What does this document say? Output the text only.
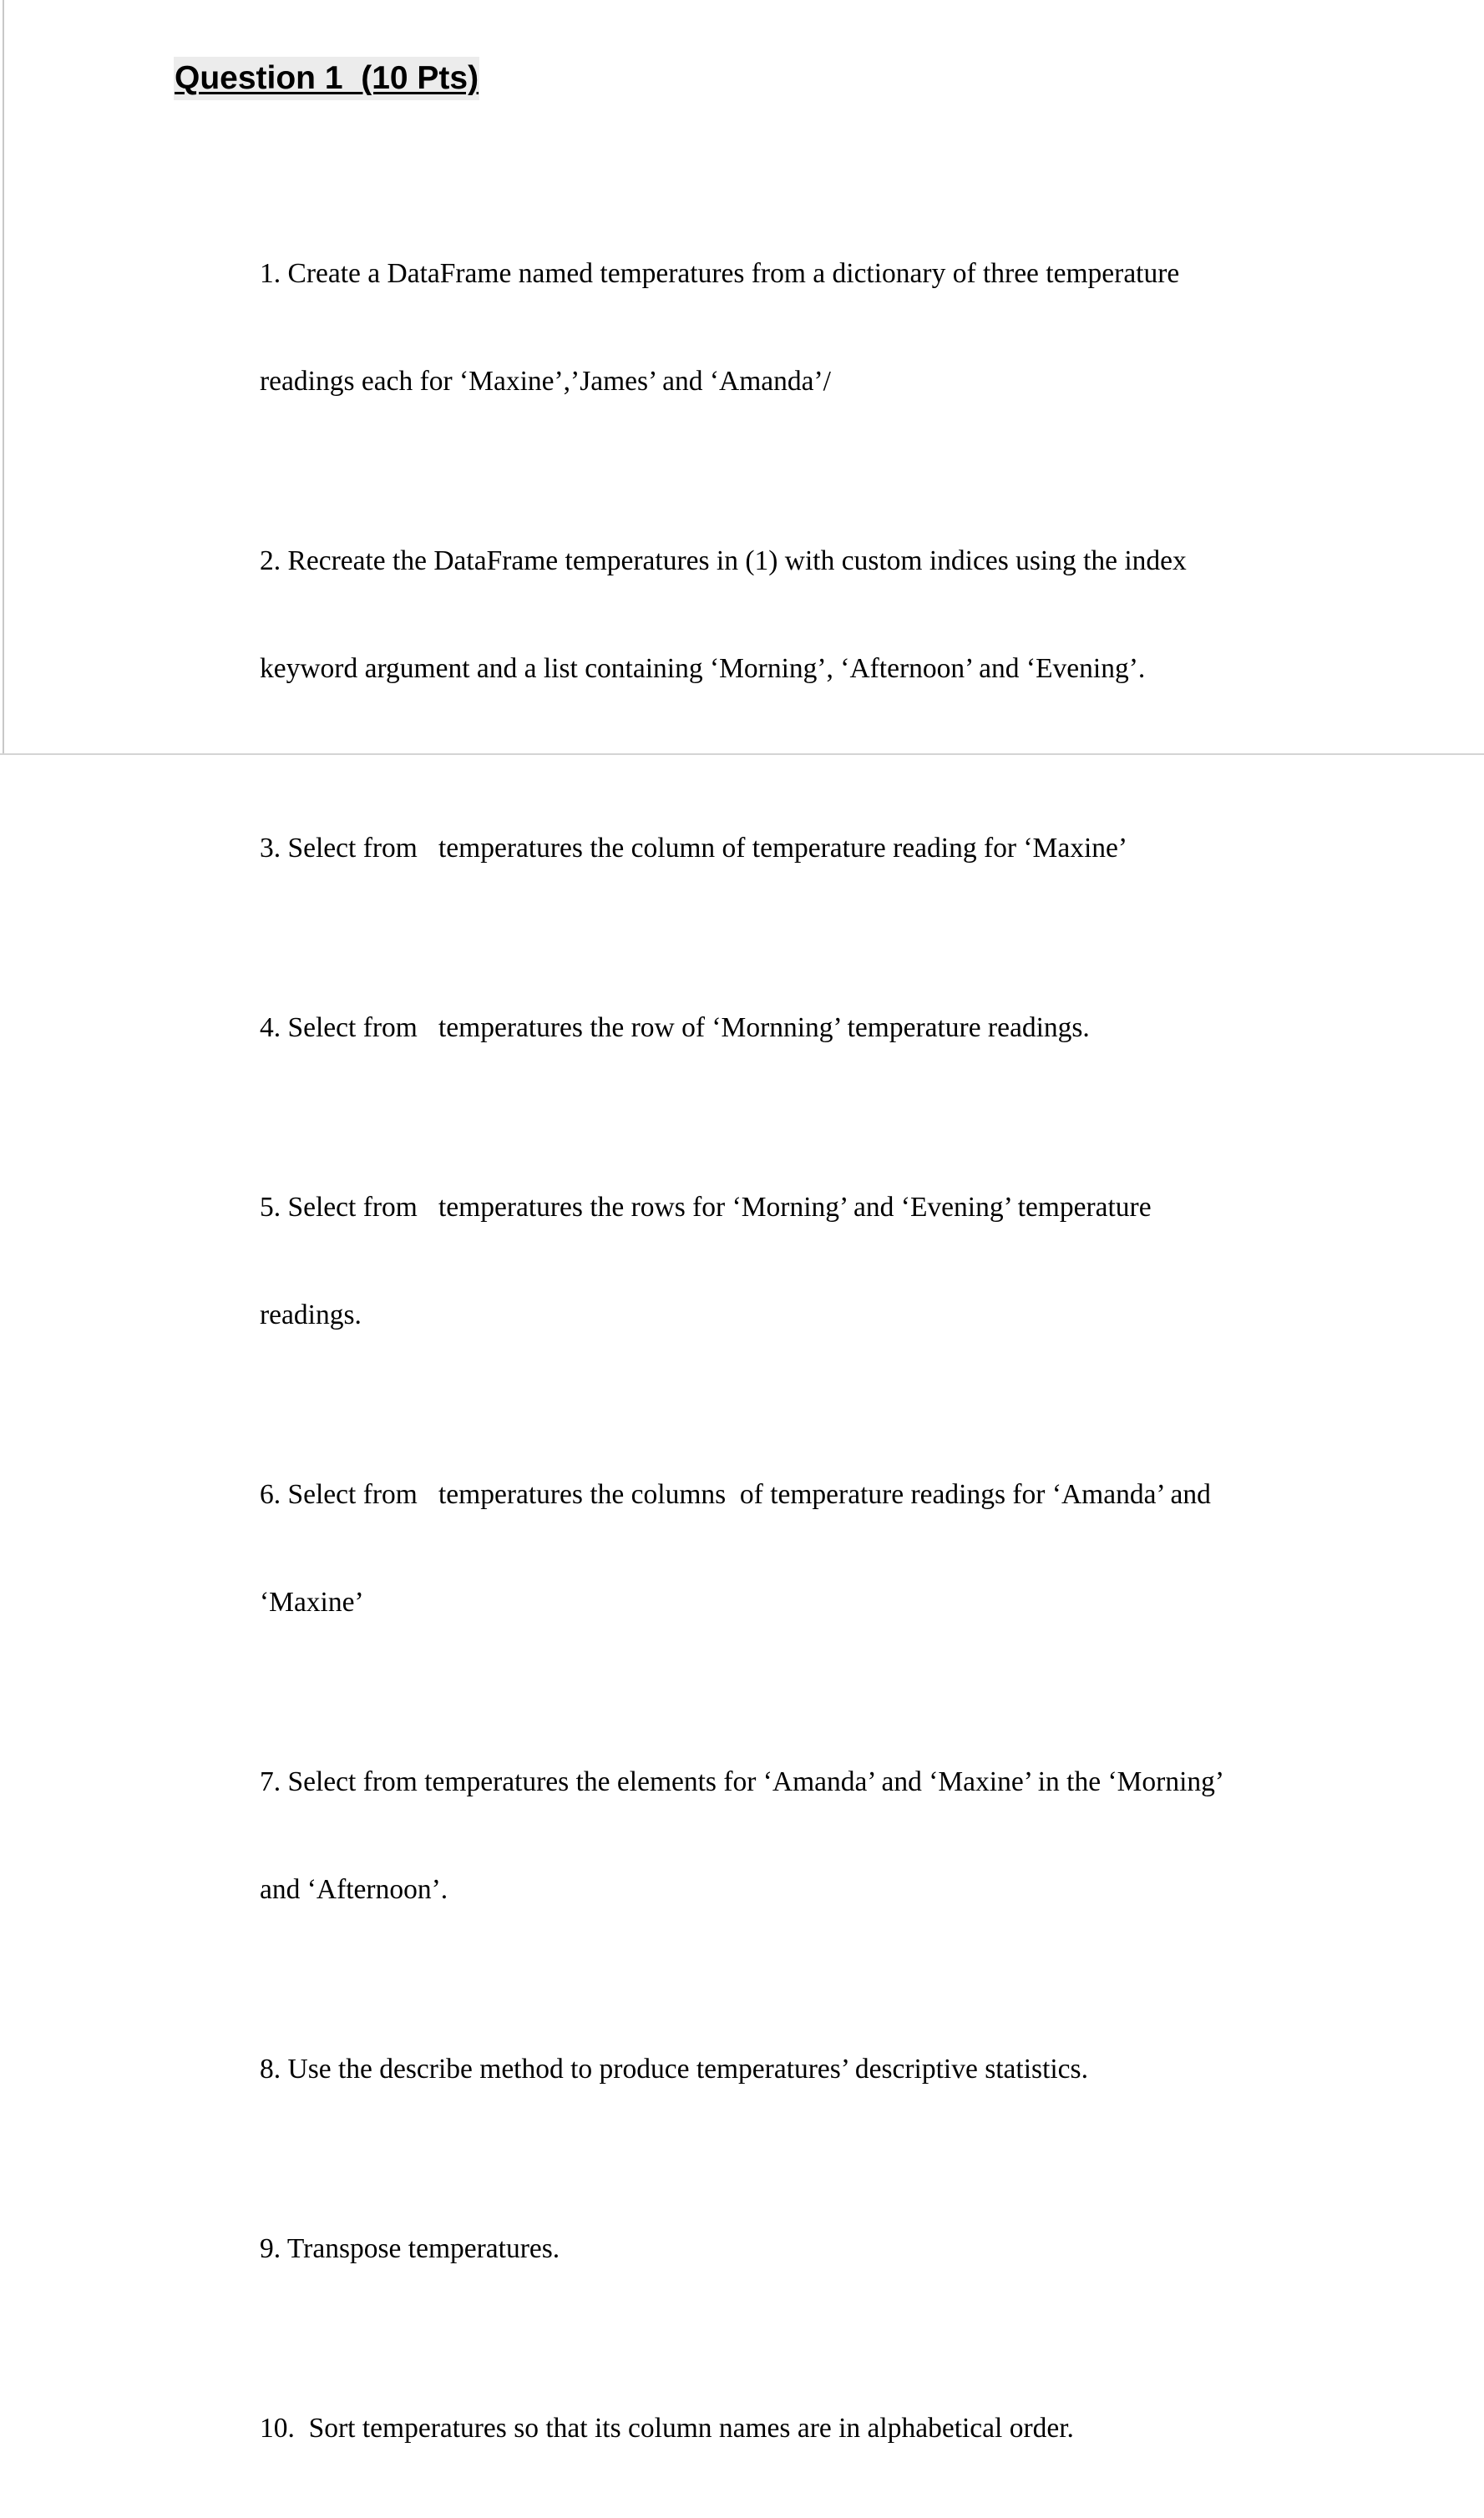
Question 1  (10 Pts)

1. Create a DataFrame named temperatures from a dictionary of three temperature

readings each for ‘Maxine’,’James’ and ‘Amanda’/

2. Recreate the DataFrame temperatures in (1) with custom indices using the index

keyword argument and a list containing ‘Morning’, ‘Afternoon’ and ‘Evening’.

3. Select from   temperatures the column of temperature reading for ‘Maxine’

4. Select from   temperatures the row of ‘Mornning’ temperature readings.

5. Select from   temperatures the rows for ‘Morning’ and ‘Evening’ temperature

readings.

6. Select from   temperatures the columns  of temperature readings for ‘Amanda’ and

‘Maxine’

7. Select from temperatures the elements for ‘Amanda’ and ‘Maxine’ in the ‘Morning’

and ‘Afternoon’.

8. Use the describe method to produce temperatures’ descriptive statistics.

9. Transpose temperatures.

10.  Sort temperatures so that its column names are in alphabetical order.
